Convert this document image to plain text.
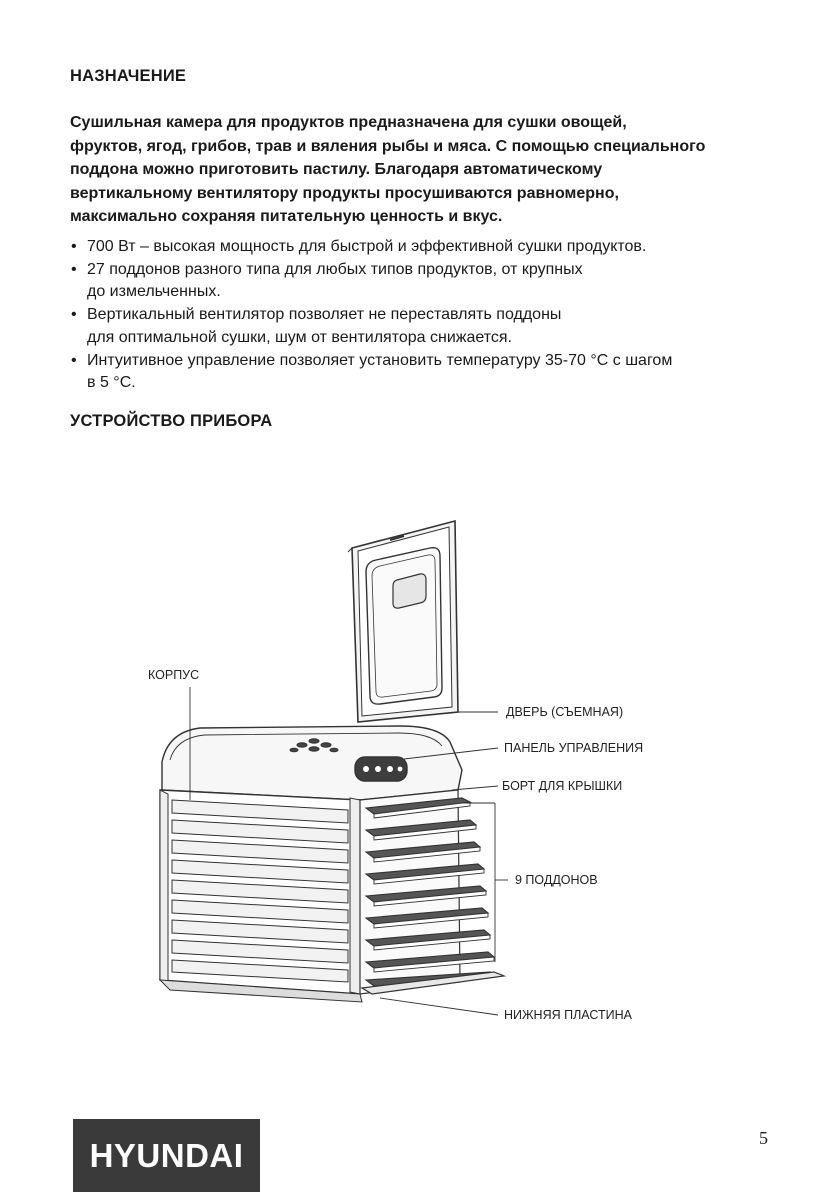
НАЗНАЧЕНИЕ

Сушильная камера для продуктов предназначена для сушки овощей,
фруктов, ягод, грибов, трав и вяления рыбы и мяса. С помощью специального
поддона можно приготовить пастилу. Благодаря автоматическому
вертикальному вентилятору продукты просушиваются равномерно,
максимально сохраняя питательную ценность и вкус.

• 700 Вт – высокая мощность для быстрой и эффективной сушки продуктов.
• 27 поддонов разного типа для любых типов продуктов, от крупных
до измельченных.
• Вертикальный вентилятор позволяет не переставлять поддоны
для оптимальной сушки, шум от вентилятора снижается.
• Интуитивное управление позволяет установить температуру 35-70 °С с шагом
в 5 °С.
УСТРОЙСТВО ПРИБОРА
КОРПУС
ДВЕРЬ (СЪЕМНАЯ)
ПАНЕЛЬ УПРАВЛЕНИЯ
БОРТ ДЛЯ КРЫШКИ
9 ПОДДОНОВ
НИЖНЯЯ ПЛАСТИНА
HYUNDAI	5
